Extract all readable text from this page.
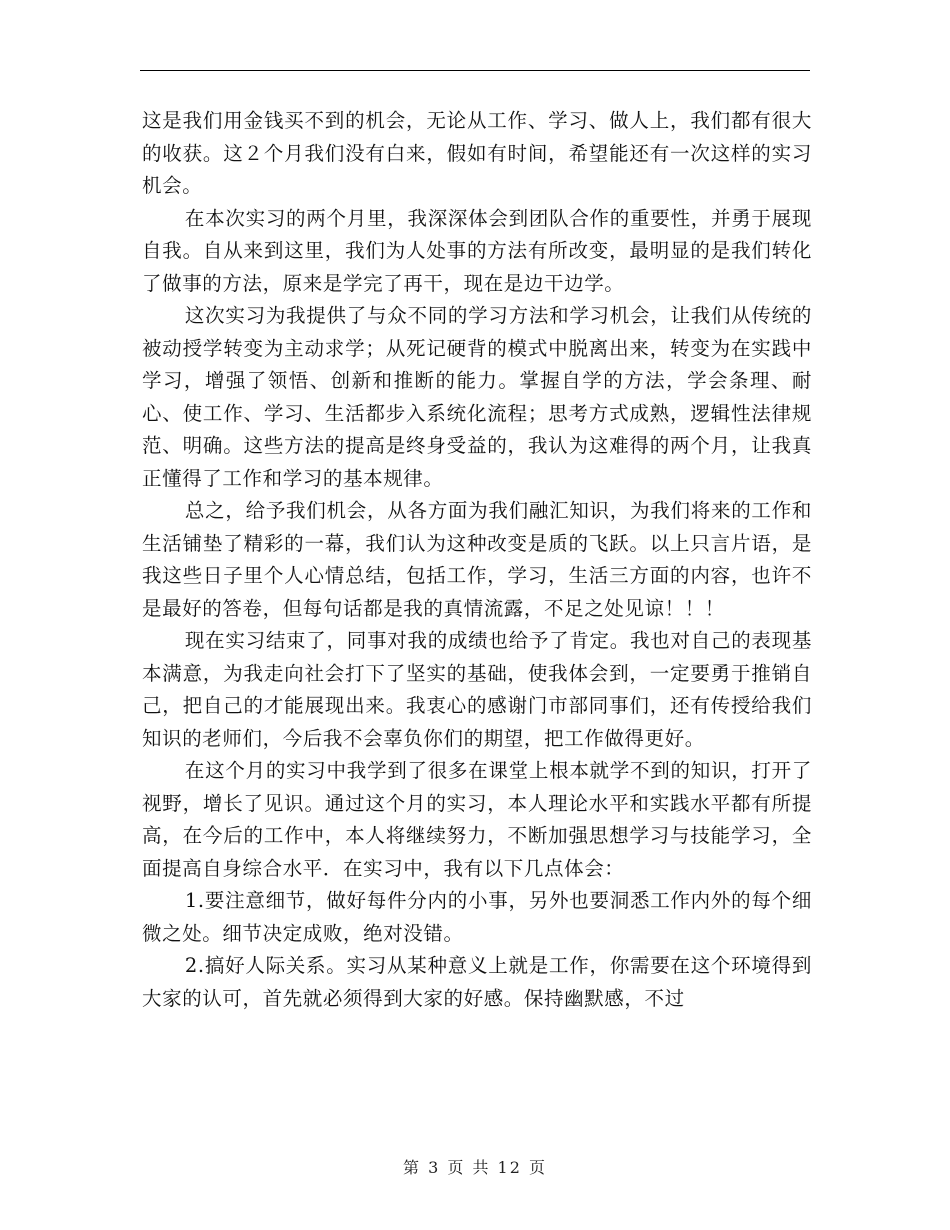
这是我们用金钱买不到的机会，无论从工作、学习、做人上，我们都有很大的收获。这２个月我们没有白来，假如有时间，希望能还有一次这样的实习机会。

在本次实习的两个月里，我深深体会到团队合作的重要性，并勇于展现自我。自从来到这里，我们为人处事的方法有所改变，最明显的是我们转化了做事的方法，原来是学完了再干，现在是边干边学。

这次实习为我提供了与众不同的学习方法和学习机会，让我们从传统的被动授学转变为主动求学；从死记硬背的模式中脱离出来，转变为在实践中学习，增强了领悟、创新和推断的能力。掌握自学的方法，学会条理、耐心、使工作、学习、生活都步入系统化流程；思考方式成熟，逻辑性法律规范、明确。这些方法的提高是终身受益的，我认为这难得的两个月，让我真正懂得了工作和学习的基本规律。

总之，给予我们机会，从各方面为我们融汇知识，为我们将来的工作和生活铺垫了精彩的一幕，我们认为这种改变是质的飞跃。以上只言片语，是我这些日子里个人心情总结，包括工作，学习，生活三方面的内容，也许不是最好的答卷，但每句话都是我的真情流露，不足之处见谅！！！

现在实习结束了，同事对我的成绩也给予了肯定。我也对自己的表现基本满意，为我走向社会打下了坚实的基础，使我体会到，一定要勇于推销自己，把自己的才能展现出来。我衷心的感谢门市部同事们，还有传授给我们知识的老师们，今后我不会辜负你们的期望，把工作做得更好。

在这个月的实习中我学到了很多在课堂上根本就学不到的知识，打开了视野，增长了见识。通过这个月的实习，本人理论水平和实践水平都有所提高，在今后的工作中，本人将继续努力，不断加强思想学习与技能学习，全面提高自身综合水平．在实习中，我有以下几点体会：

1.要注意细节，做好每件分内的小事，另外也要洞悉工作内外的每个细微之处。细节决定成败，绝对没错。

2.搞好人际关系。实习从某种意义上就是工作，你需要在这个环境得到大家的认可，首先就必须得到大家的好感。保持幽默感，不过

第 3 页 共 12 页
